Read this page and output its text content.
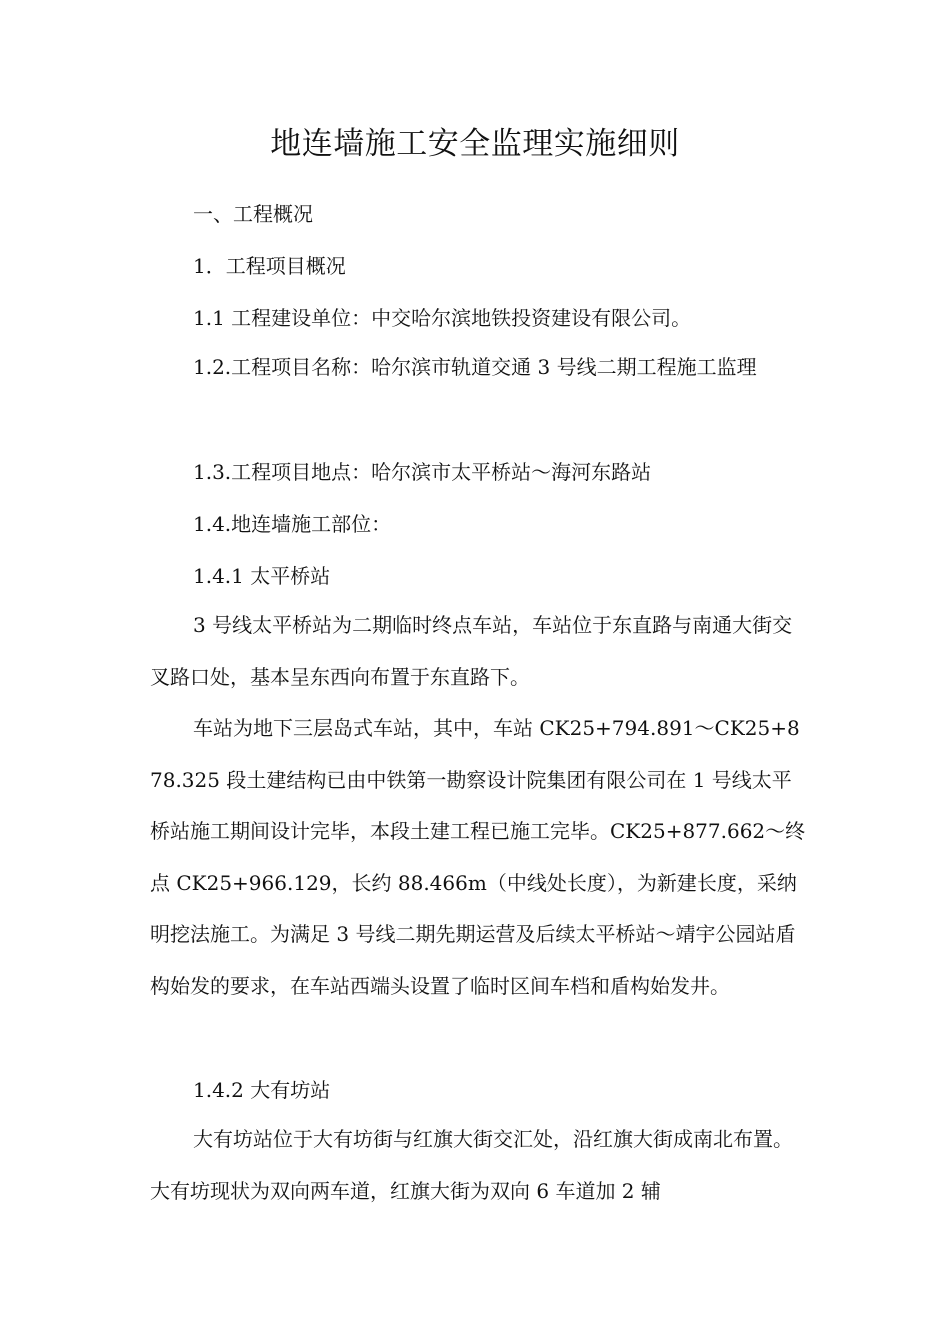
地连墙施工安全监理实施细则
一、工程概况
1．工程项目概况
1.1 工程建设单位：中交哈尔滨地铁投资建设有限公司。

1.2.工程项目名称：哈尔滨市轨道交通 3 号线二期工程施工监理

1.3.工程项目地点：哈尔滨市太平桥站～海河东路站
1.4.地连墙施工部位：
1.4.1 太平桥站

3 号线太平桥站为二期临时终点车站，车站位于东直路与南通大街交叉路口处，基本呈东西向布置于东直路下。

车站为地下三层岛式车站，其中，车站 CK25+794.891～CK25+878.325 段土建结构已由中铁第一勘察设计院集团有限公司在 1 号线太平桥站施工期间设计完毕，本段土建工程已施工完毕。CK25+877.662～终点 CK25+966.129，长约 88.466m（中线处长度），为新建长度，采纳明挖法施工。为满足 3 号线二期先期运营及后续太平桥站～靖宇公园站盾构始发的要求，在车站西端头设置了临时区间车档和盾构始发井。

1.4.2 大有坊站

大有坊站位于大有坊街与红旗大街交汇处，沿红旗大街成南北布置。大有坊现状为双向两车道，红旗大街为双向 6 车道加 2 辅
